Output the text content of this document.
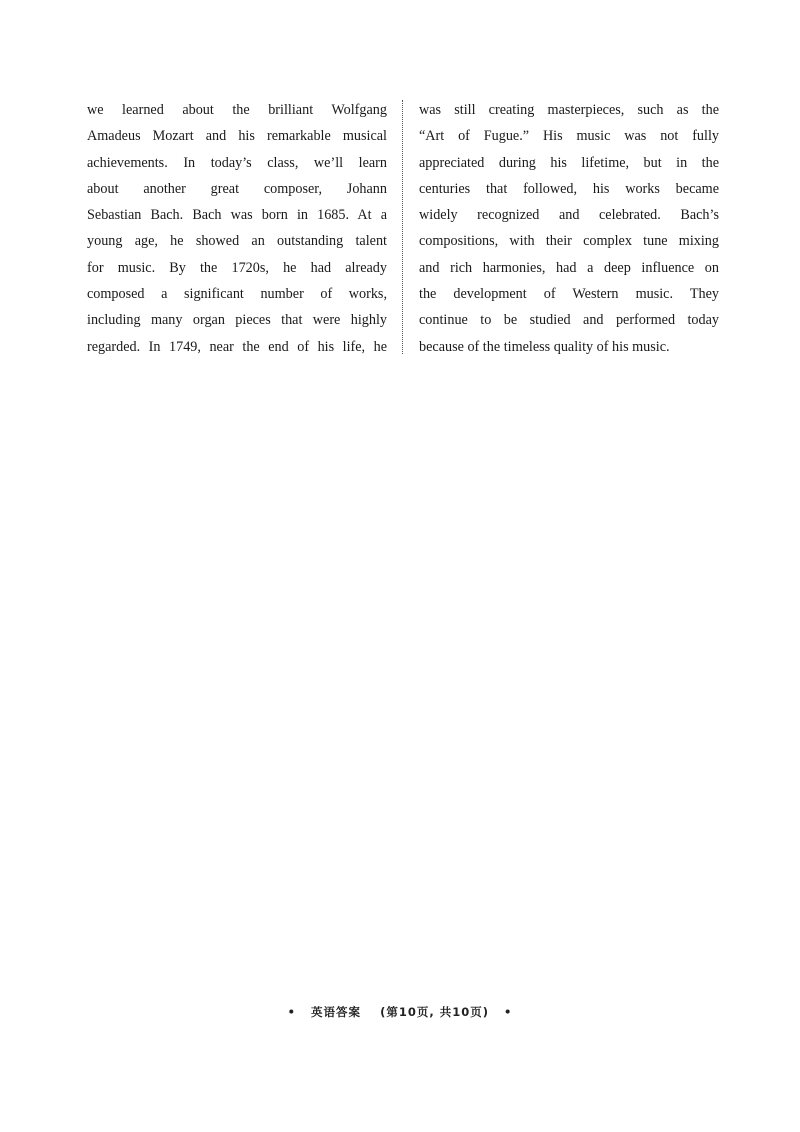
we learned about the brilliant Wolfgang
Amadeus Mozart and his remarkable musical
achievements. In today’s class, we’ll learn
about another great composer, Johann
Sebastian Bach. Bach was born in 1685. At a
young age, he showed an outstanding talent
for music. By the 1720s, he had already
composed a significant number of works,
including many organ pieces that were highly
regarded. In 1749, near the end of his life, he
was still creating masterpieces, such as the
“Art of Fugue.” His music was not fully
appreciated during his lifetime, but in the
centuries that followed, his works became
widely recognized and celebrated. Bach’s
compositions, with their complex tune mixing
and rich harmonies, had a deep influence on
the development of Western music. They
continue to be studied and performed today
because of the timeless quality of his music.
• 英语答案 (第10页, 共10页) •
